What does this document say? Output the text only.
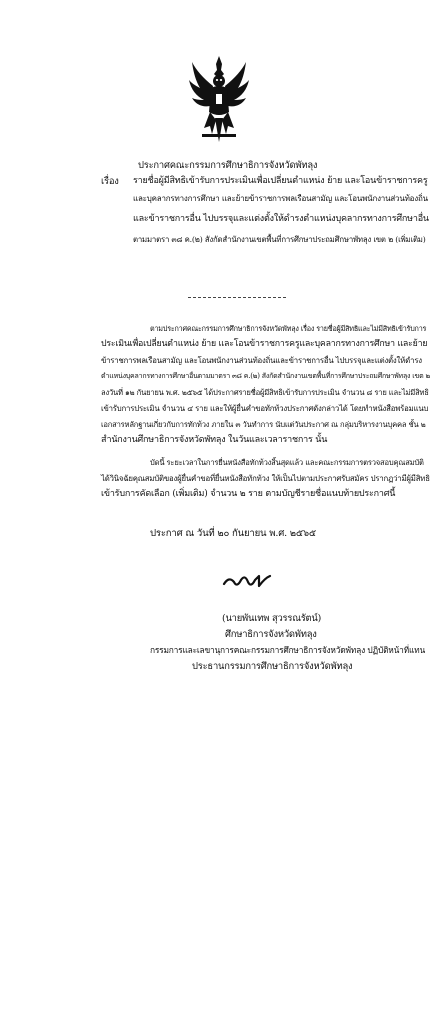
ประกาศคณะกรรมการศึกษาธิการจังหวัดพัทลุง
เรื่อง รายชื่อผู้มีสิทธิเข้ารับการประเมินเพื่อเปลี่ยนตำแหน่ง ย้าย และโอนข้าราชการครู
และบุคลากรทางการศึกษา และย้ายข้าราชการพลเรือนสามัญ และโอนพนักงานส่วนท้องถิ่น
และข้าราชการอื่น ไปบรรจุและแต่งตั้งให้ดำรงตำแหน่งบุคลากรทางการศึกษาอื่น
ตามมาตรา ๓๘ ค.(๒) สังกัดสำนักงานเขตพื้นที่การศึกษาประถมศึกษาพัทลุง เขต ๒ (เพิ่มเติม)
ตามประกาศคณะกรรมการศึกษาธิการจังหวัดพัทลุง เรื่อง รายชื่อผู้มีสิทธิและไม่มีสิทธิเข้ารับการ
ประเมินเพื่อเปลี่ยนตำแหน่ง ย้าย และโอนข้าราชการครูและบุคลากรทางการศึกษา และย้าย
ข้าราชการพลเรือนสามัญ และโอนพนักงานส่วนท้องถิ่นและข้าราชการอื่น ไปบรรจุและแต่งตั้งให้ดำรง
ตำแหน่งบุคลากรทางการศึกษาอื่นตามมาตรา ๓๘ ค.(๒) สังกัดสำนักงานเขตพื้นที่การศึกษาประถมศึกษาพัทลุง เขต ๒
ลงวันที่ ๑๒ กันยายน พ.ศ. ๒๕๖๕ ได้ประกาศรายชื่อผู้มีสิทธิเข้ารับการประเมิน จำนวน ๘ ราย และไม่มีสิทธิ
เข้ารับการประเมิน จำนวน ๔ ราย และให้ผู้ยื่นคำขอทักท้วงประกาศดังกล่าวได้ โดยทำหนังสือพร้อมแนบ
เอกสารหลักฐานเกี่ยวกับการทักท้วง ภายใน ๓ วันทำการ นับแต่วันประกาศ ณ กลุ่มบริหารงานบุคคล ชั้น ๒
สำนักงานศึกษาธิการจังหวัดพัทลุง ในวันและเวลาราชการ นั้น
บัดนี้ ระยะเวลาในการยื่นหนังสือทักท้วงสิ้นสุดแล้ว และคณะกรรมการตรวจสอบคุณสมบัติ
ได้วินิจฉัยคุณสมบัติของผู้ยื่นคำขอที่ยื่นหนังสือทักท้วง ให้เป็นไปตามประกาศรับสมัคร ปรากฏว่ามีผู้มีสิทธิ
เข้ารับการคัดเลือก (เพิ่มเติม) จำนวน ๒ ราย ตามบัญชีรายชื่อแนบท้ายประกาศนี้
ประกาศ ณ วันที่ ๒๐ กันยายน พ.ศ. ๒๕๖๕
(นายพันเทพ สุวรรณรัตน์)
ศึกษาธิการจังหวัดพัทลุง
กรรมการและเลขานุการคณะกรรมการศึกษาธิการจังหวัดพัทลุง ปฏิบัติหน้าที่แทน
ประธานกรรมการศึกษาธิการจังหวัดพัทลุง
